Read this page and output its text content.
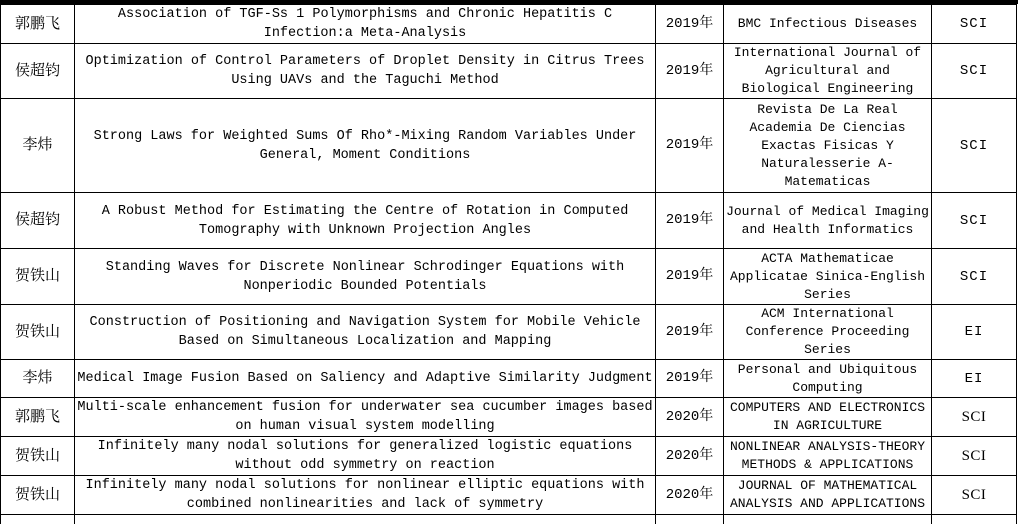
郭鹏飞	Association of TGF-Ss 1 Polymorphisms and Chronic Hepatitis C Infection:a Meta-Analysis	2019年	BMC Infectious Diseases	SCI
侯超钧	Optimization of Control Parameters of Droplet Density in Citrus Trees Using UAVs and the Taguchi Method	2019年	International Journal of Agricultural and Biological Engineering	SCI
李炜	Strong Laws for Weighted Sums Of Rho*-Mixing Random Variables Under General, Moment Conditions	2019年	Revista De La Real Academia De Ciencias Exactas Fisicas Y Naturalesserie A-Matematicas	SCI
侯超钧	A Robust Method for Estimating the Centre of Rotation in Computed Tomography with Unknown Projection Angles	2019年	Journal of Medical Imaging and Health Informatics	SCI
贺铁山	Standing Waves for Discrete Nonlinear Schrodinger Equations with Nonperiodic Bounded Potentials	2019年	ACTA Mathematicae Applicatae Sinica-English Series	SCI
贺铁山	Construction of Positioning and Navigation System for Mobile Vehicle Based on Simultaneous Localization and Mapping	2019年	ACM International Conference Proceeding Series	EI
李炜	Medical Image Fusion Based on Saliency and Adaptive Similarity Judgment	2019年	Personal and Ubiquitous Computing	EI
郭鹏飞	Multi-scale enhancement fusion for underwater sea cucumber images based on human visual system modelling	2020年	COMPUTERS AND ELECTRONICS IN AGRICULTURE	SCI
贺铁山	Infinitely many nodal solutions for generalized logistic equations without odd symmetry on reaction	2020年	NONLINEAR ANALYSIS-THEORY METHODS & APPLICATIONS	SCI
贺铁山	Infinitely many nodal solutions for nonlinear elliptic equations with combined nonlinearities and lack of symmetry	2020年	JOURNAL OF MATHEMATICAL ANALYSIS AND APPLICATIONS	SCI
